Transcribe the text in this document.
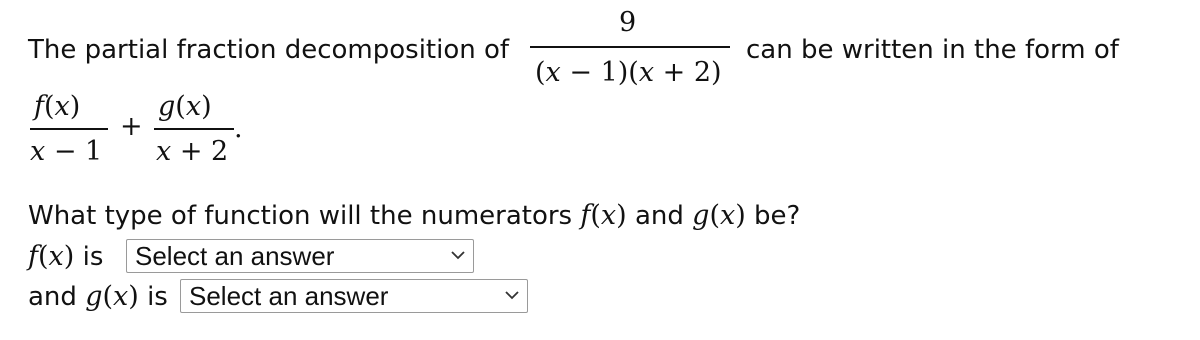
The partial fraction decomposition of
9
(x − 1)(x + 2)
can be written in the form of
f(x)
x − 1
+
g(x)
x + 2
.
What type of function will the numerators f(x) and g(x) be?
f(x) is Select an answer
and g(x) is Select an answer
